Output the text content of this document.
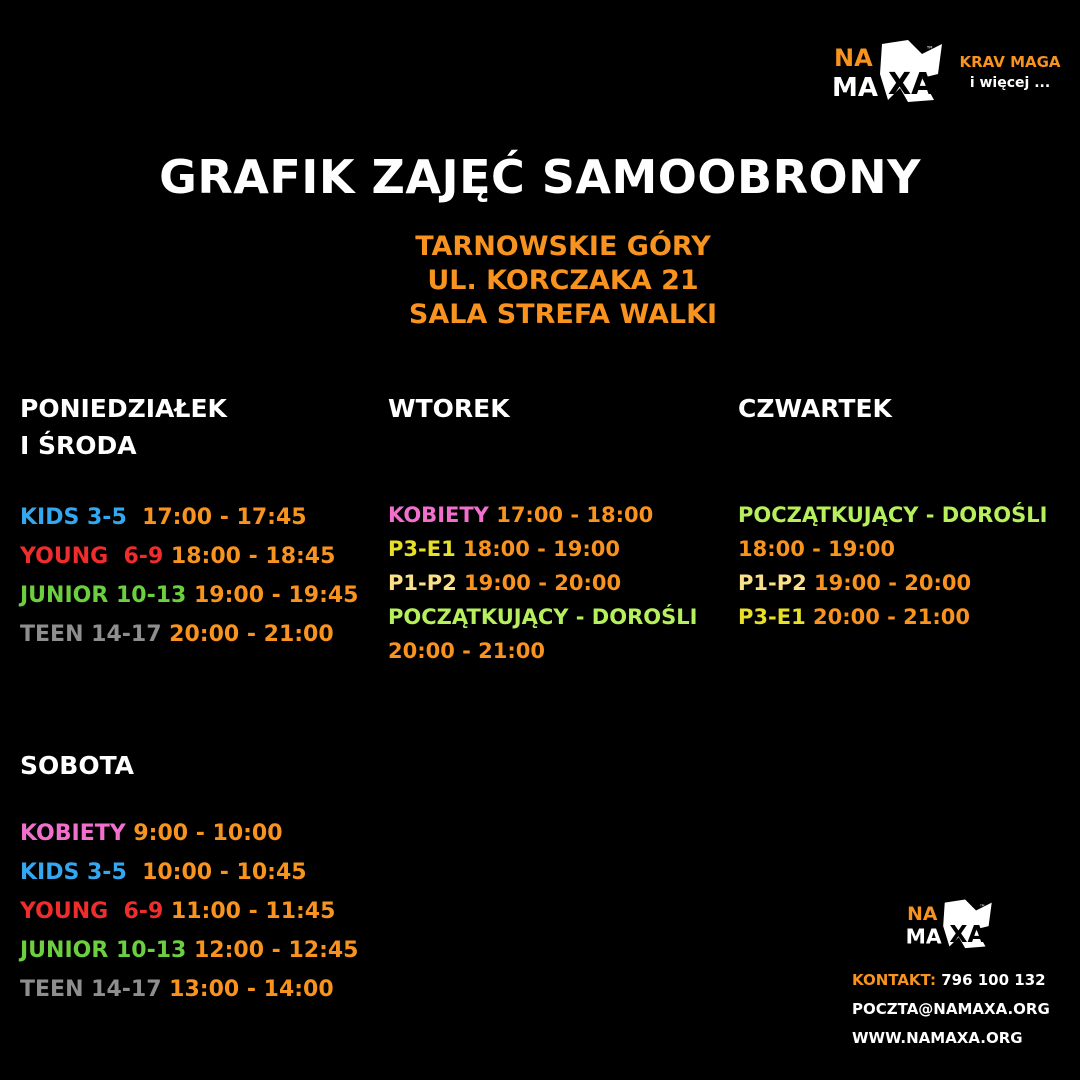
NA
MA XA
™
KRAV MAGA
i więcej ...
GRAFIK ZAJĘĆ SAMOOBRONY
TARNOWSKIE GÓRY
UL. KORCZAKA 21
SALA STREFA WALKI
PONIEDZIAŁEK
I ŚRODA
KIDS 3-5  17:00 - 17:45
YOUNG  6-9 18:00 - 18:45
JUNIOR 10-13 19:00 - 19:45
TEEN 14-17 20:00 - 21:00
WTOREK
KOBIETY 17:00 - 18:00
P3-E1 18:00 - 19:00
P1-P2 19:00 - 20:00
POCZĄTKUJĄCY - DOROŚLI
20:00 - 21:00
CZWARTEK
POCZĄTKUJĄCY - DOROŚLI
18:00 - 19:00
P1-P2 19:00 - 20:00
P3-E1 20:00 - 21:00
SOBOTA
KOBIETY 9:00 - 10:00
KIDS 3-5  10:00 - 10:45
YOUNG  6-9 11:00 - 11:45
JUNIOR 10-13 12:00 - 12:45
TEEN 14-17 13:00 - 14:00
NA
MA XA
™
KONTAKT: 796 100 132
POCZTA@NAMAXA.ORG
WWW.NAMAXA.ORG
